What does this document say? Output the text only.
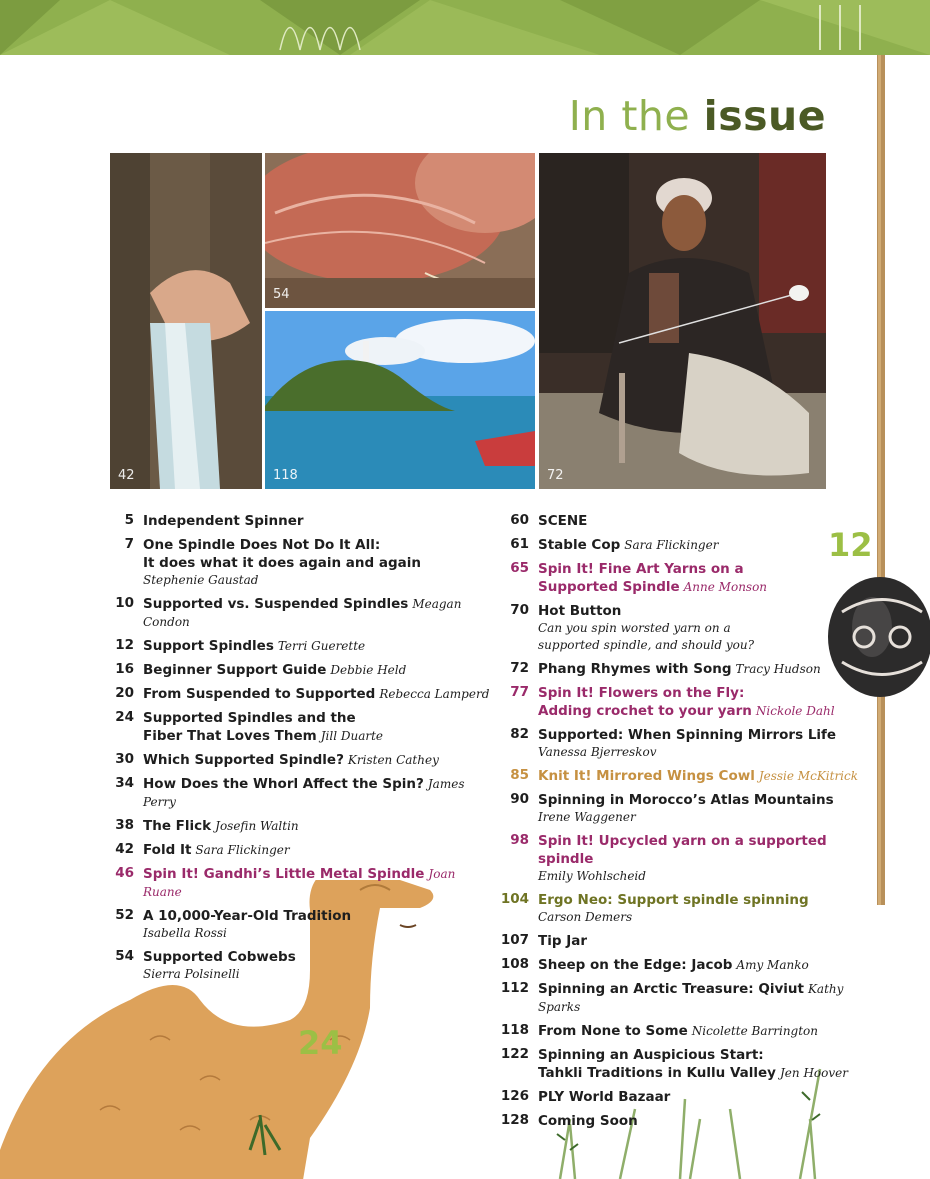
In the issue
42
54
118	72
12
24
5 Independent Spinner
7 One Spindle Does Not Do It All:
It does what it does again and again
Stephenie Gaustad
10 Supported vs. Suspended Spindles Meagan Condon
12 Support Spindles Terri Guerette
16 Beginner Support Guide Debbie Held
20 From Suspended to Supported Rebecca Lamperd
24 Supported Spindles and the
Fiber That Loves Them Jill Duarte
30 Which Supported Spindle? Kristen Cathey
34 How Does the Whorl Affect the Spin? James Perry
38 The Flick Josefin Waltin
42 Fold It Sara Flickinger
46 Spin It! Gandhi’s Little Metal Spindle Joan Ruane
52 A 10,000-Year-Old Tradition
Isabella Rossi
54 Supported Cobwebs
Sierra Polsinelli
60 SCENE
61 Stable Cop Sara Flickinger
65 Spin It! Fine Art Yarns on a
Supported Spindle Anne Monson
70 Hot Button
Can you spin worsted yarn on a
supported spindle, and should you?
72 Phang Rhymes with Song Tracy Hudson
77 Spin It! Flowers on the Fly:
Adding crochet to your yarn Nickole Dahl
82 Supported: When Spinning Mirrors Life
Vanessa Bjerreskov
85 Knit It! Mirrored Wings Cowl Jessie McKitrick
90 Spinning in Morocco’s Atlas Mountains
Irene Waggener
98 Spin It! Upcycled yarn on a supported spindle
Emily Wohlscheid
104 Ergo Neo: Support spindle spinning
Carson Demers
107 Tip Jar
108 Sheep on the Edge: Jacob Amy Manko
112 Spinning an Arctic Treasure: Qiviut Kathy Sparks
118 From None to Some Nicolette Barrington
122 Spinning an Auspicious Start:
Tahkli Traditions in Kullu Valley Jen Hoover
126 PLY World Bazaar
128 Coming Soon
